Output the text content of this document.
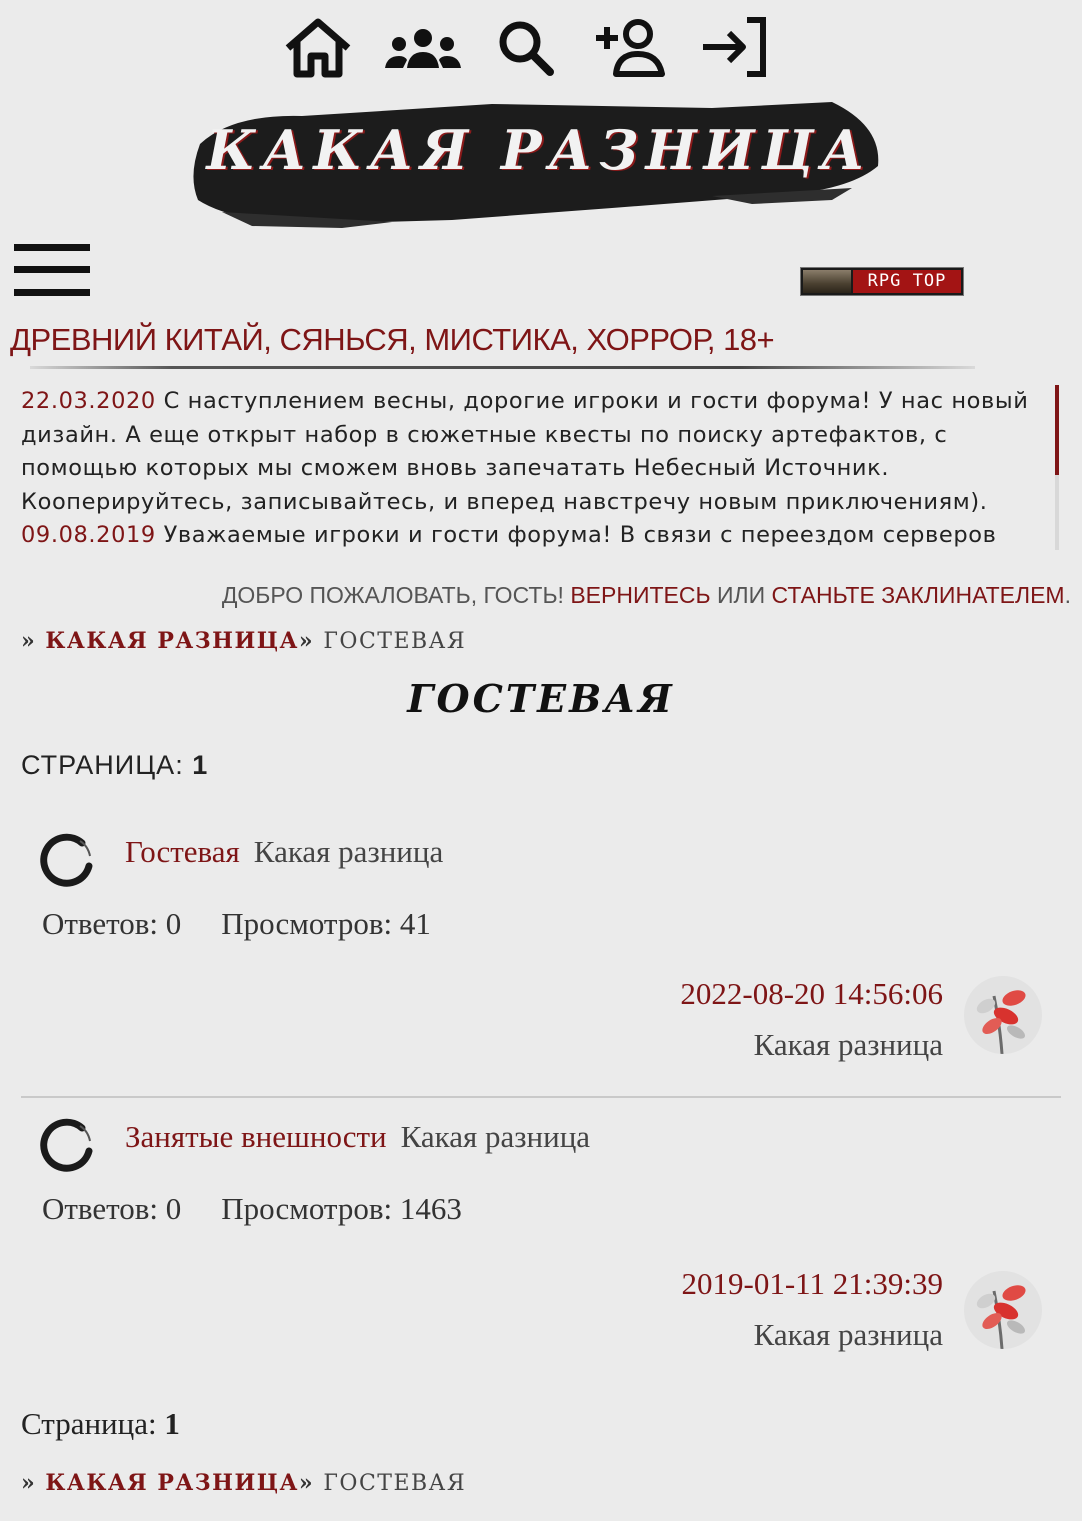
КАКАЯ РАЗНИЦА
RPG TOP
ДРЕВНИЙ КИТАЙ, СЯНЬСЯ, МИСТИКА, ХОРРОР, 18+

22.03.2020 С наступлением весны, дорогие игроки и гости форума! У нас новый дизайн. А еще открыт набор в сюжетные квесты по поиску артефактов, с помощью которых мы сможем вновь запечатать Небесный Источник. Кооперируйтесь, записывайтесь, и вперед навстречу новым приключениям).

09.08.2019 Уважаемые игроки и гости форума! В связи с переездом серверов

ДОБРО ПОЖАЛОВАТЬ, ГОСТЬ! ВЕРНИТЕСЬ ИЛИ СТАНЬТЕ ЗАКЛИНАТЕЛЕМ.
» КАКАЯ РАЗНИЦА» ГОСТЕВАЯ
ГОСТЕВАЯ
СТРАНИЦА: 1
Гостевая Какая разница
Ответов: 0 Просмотров: 41
2022-08-20 14:56:06
Какая разница
Занятые внешности Какая разница
Ответов: 0 Просмотров: 1463
2019-01-11 21:39:39
Какая разница
Страница: 1
» КАКАЯ РАЗНИЦА» ГОСТЕВАЯ
